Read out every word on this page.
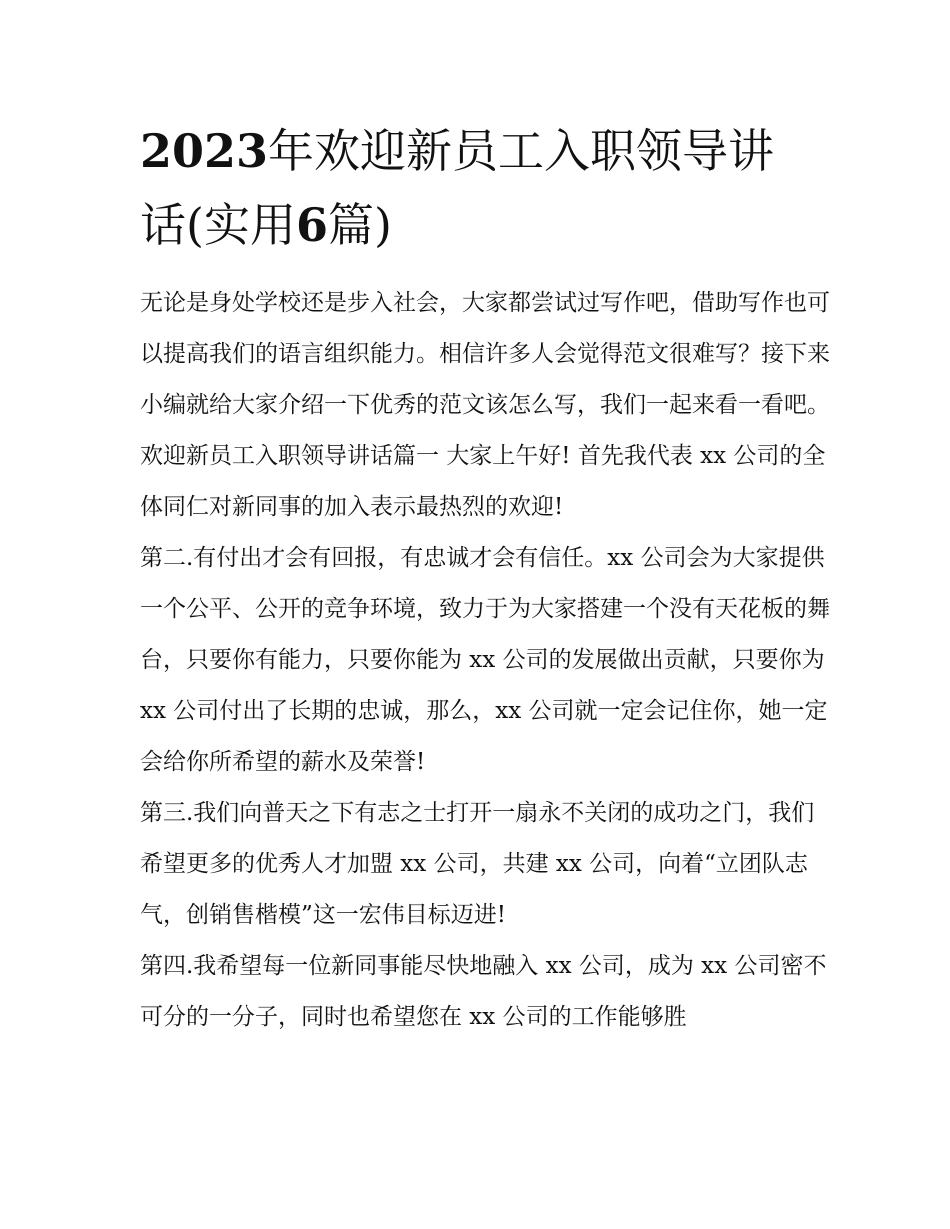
2023年欢迎新员工入职领导讲话(实用6篇)

无论是身处学校还是步入社会，大家都尝试过写作吧，借助写作也可以提高我们的语言组织能力。相信许多人会觉得范文很难写？接下来小编就给大家介绍一下优秀的范文该怎么写，我们一起来看一看吧。

欢迎新员工入职领导讲话篇一 大家上午好! 首先我代表 xx 公司的全体同仁对新同事的加入表示最热烈的欢迎!

第二.有付出才会有回报，有忠诚才会有信任。xx 公司会为大家提供一个公平、公开的竞争环境，致力于为大家搭建一个没有天花板的舞台，只要你有能力，只要你能为 xx 公司的发展做出贡献，只要你为 xx 公司付出了长期的忠诚，那么，xx 公司就一定会记住你，她一定会给你所希望的薪水及荣誉!

第三.我们向普天之下有志之士打开一扇永不关闭的成功之门，我们希望更多的优秀人才加盟 xx 公司，共建 xx 公司，向着“立团队志气，创销售楷模”这一宏伟目标迈进!

第四.我希望每一位新同事能尽快地融入 xx 公司，成为 xx 公司密不可分的一分子，同时也希望您在 xx 公司的工作能够胜
